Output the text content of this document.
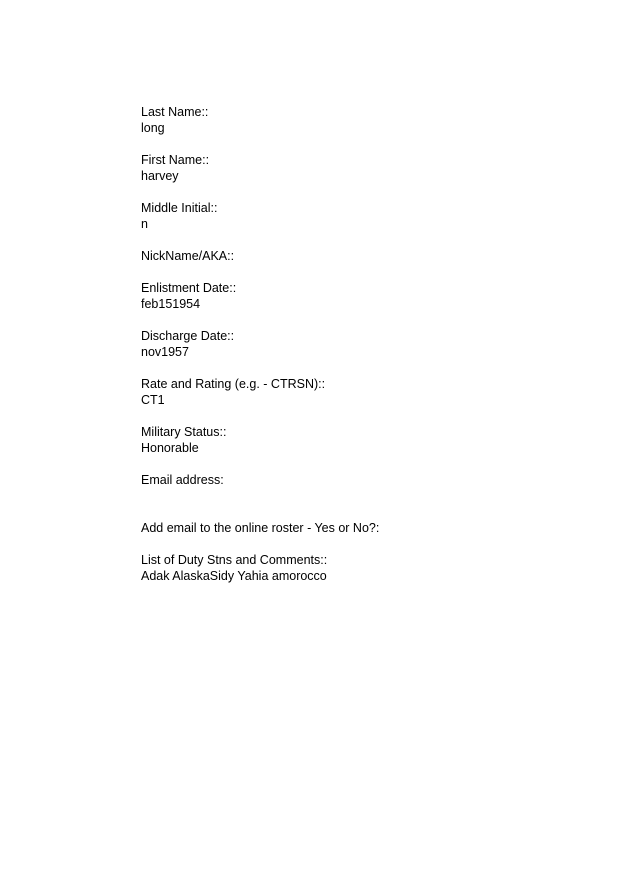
Last Name::
long
First Name::
harvey
Middle Initial::
n
NickName/AKA::
Enlistment Date::
feb151954
Discharge Date::
nov1957
Rate and Rating (e.g. - CTRSN)::
CT1
Military Status::
Honorable
Email address:
Add email to the online roster - Yes or No?:
List of Duty Stns and Comments::
Adak AlaskaSidy Yahia amorocco
